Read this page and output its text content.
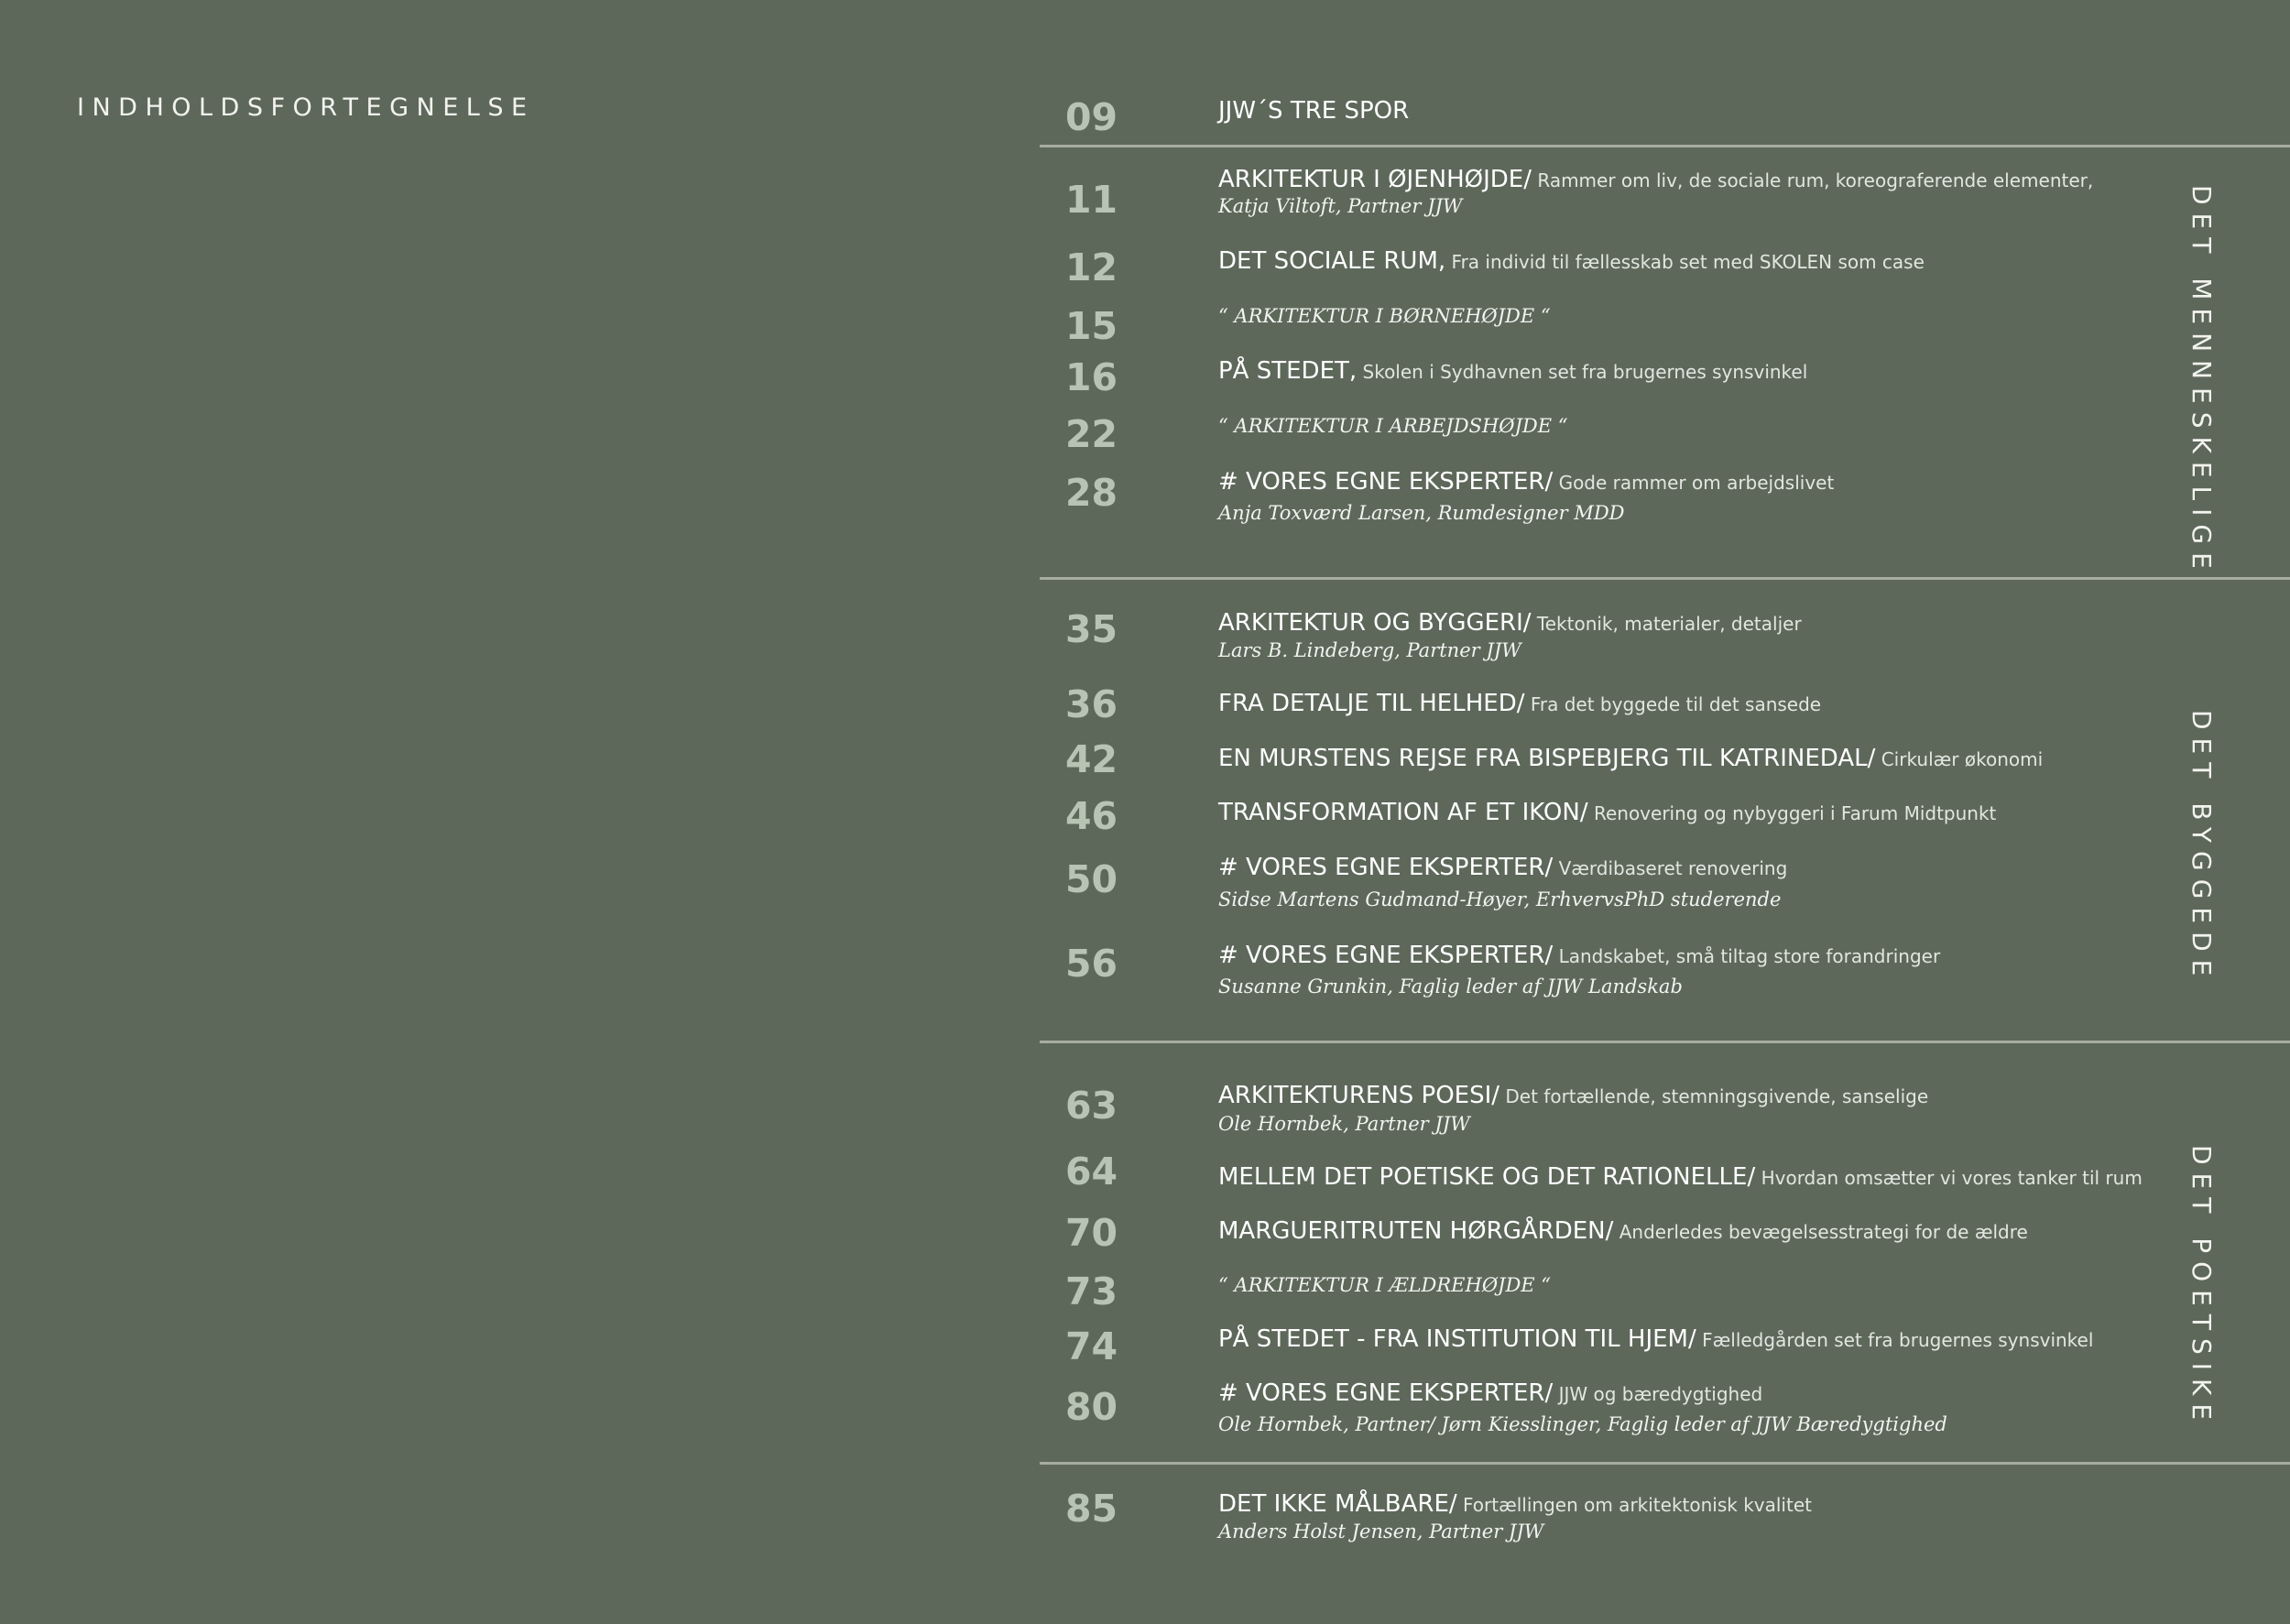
INDHOLDSFORTEGNELSE	09	JJW´S TRE SPOR
DET MENNESKELIGE
11	ARKITEKTUR I ØJENHØJDE/ Rammer om liv, de sociale rum, koreograferende elementer,
Katja Viltoft, Partner JJW
12	DET SOCIALE RUM, Fra individ til fællesskab set med SKOLEN som case
15	“ ARKITEKTUR I BØRNEHØJDE “
16	PÅ STEDET, Skolen i Sydhavnen set fra brugernes synsvinkel
22	“ ARKITEKTUR I ARBEJDSHØJDE “
28	# VORES EGNE EKSPERTER/ Gode rammer om arbejdslivet
Anja Toxværd Larsen, Rumdesigner MDD
DET BYGGEDE
35	ARKITEKTUR OG BYGGERI/ Tektonik, materialer, detaljer
Lars B. Lindeberg, Partner JJW
36	FRA DETALJE TIL HELHED/ Fra det byggede til det sansede
42	EN MURSTENS REJSE FRA BISPEBJERG TIL KATRINEDAL/ Cirkulær økonomi
46	TRANSFORMATION AF ET IKON/ Renovering og nybyggeri i Farum Midtpunkt
50	# VORES EGNE EKSPERTER/ Værdibaseret renovering
Sidse Martens Gudmand-Høyer, ErhvervsPhD studerende
56	# VORES EGNE EKSPERTER/ Landskabet, små tiltag store forandringer
Susanne Grunkin, Faglig leder af JJW Landskab
DET POETSIKE
63	ARKITEKTURENS POESI/ Det fortællende, stemningsgivende, sanselige
Ole Hornbek, Partner JJW
64	MELLEM DET POETISKE OG DET RATIONELLE/ Hvordan omsætter vi vores tanker til rum
70	MARGUERITRUTEN HØRGÅRDEN/ Anderledes bevægelsesstrategi for de ældre
73	“ ARKITEKTUR I ÆLDREHØJDE “
74	PÅ STEDET - FRA INSTITUTION TIL HJEM/ Fælledgården set fra brugernes synsvinkel
80	# VORES EGNE EKSPERTER/ JJW og bæredygtighed
Ole Hornbek, Partner/ Jørn Kiesslinger, Faglig leder af JJW Bæredygtighed
85	DET IKKE MÅLBARE/ Fortællingen om arkitektonisk kvalitet
Anders Holst Jensen, Partner JJW
